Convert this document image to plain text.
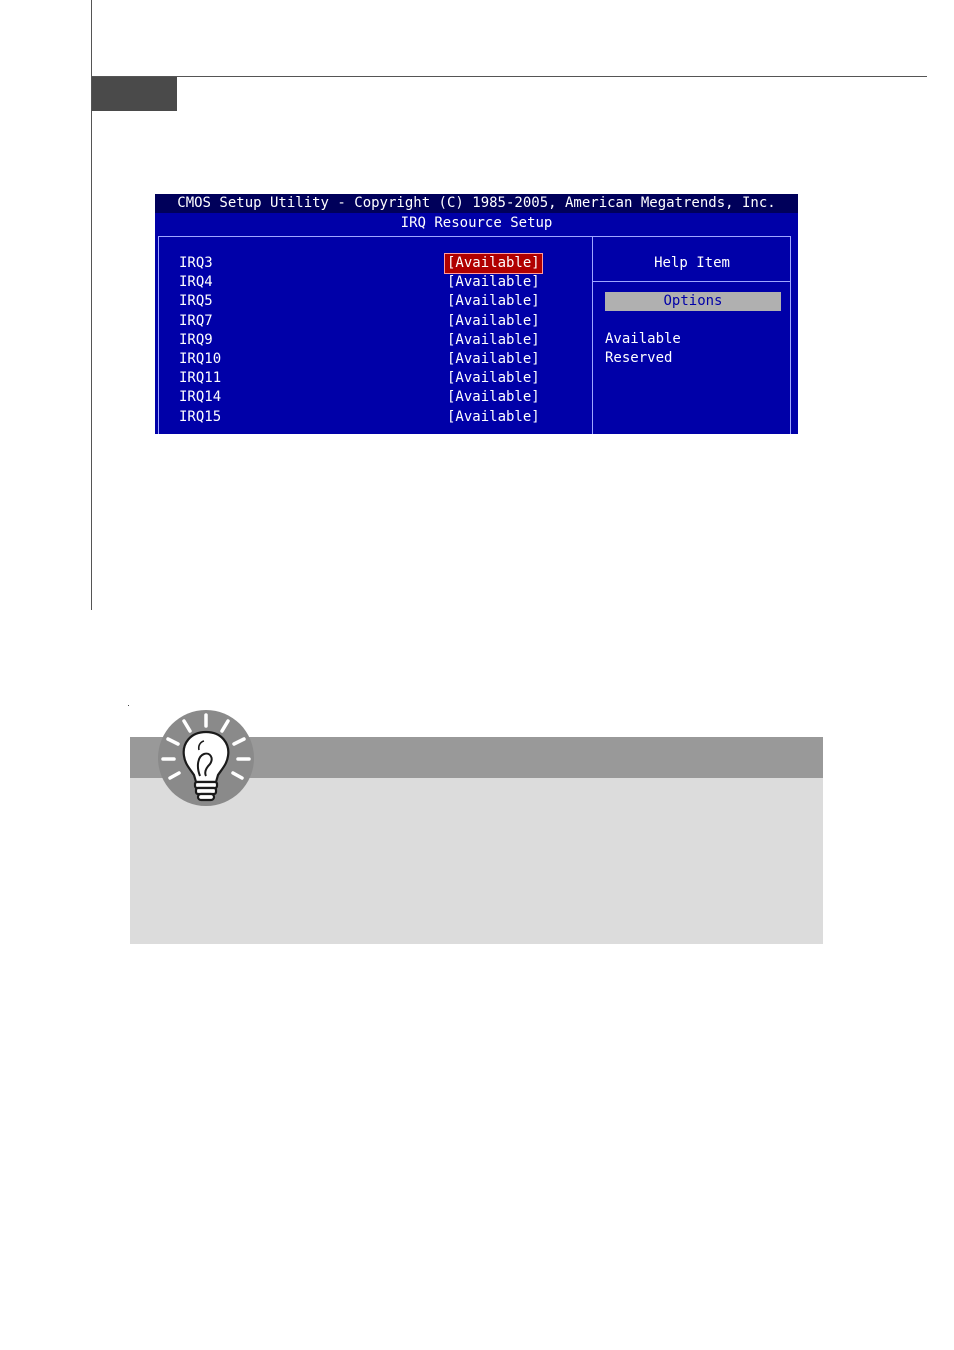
CMOS Setup Utility - Copyright (C) 1985-2005, American Megatrends, Inc.
IRQ Resource Setup
IRQ3	[Available]
IRQ4	[Available]
IRQ5	[Available]
IRQ7	[Available]
IRQ9	[Available]
IRQ10	[Available]
IRQ11	[Available]
IRQ14	[Available]
IRQ15	[Available]
Help Item
Options
Available
Reserved
